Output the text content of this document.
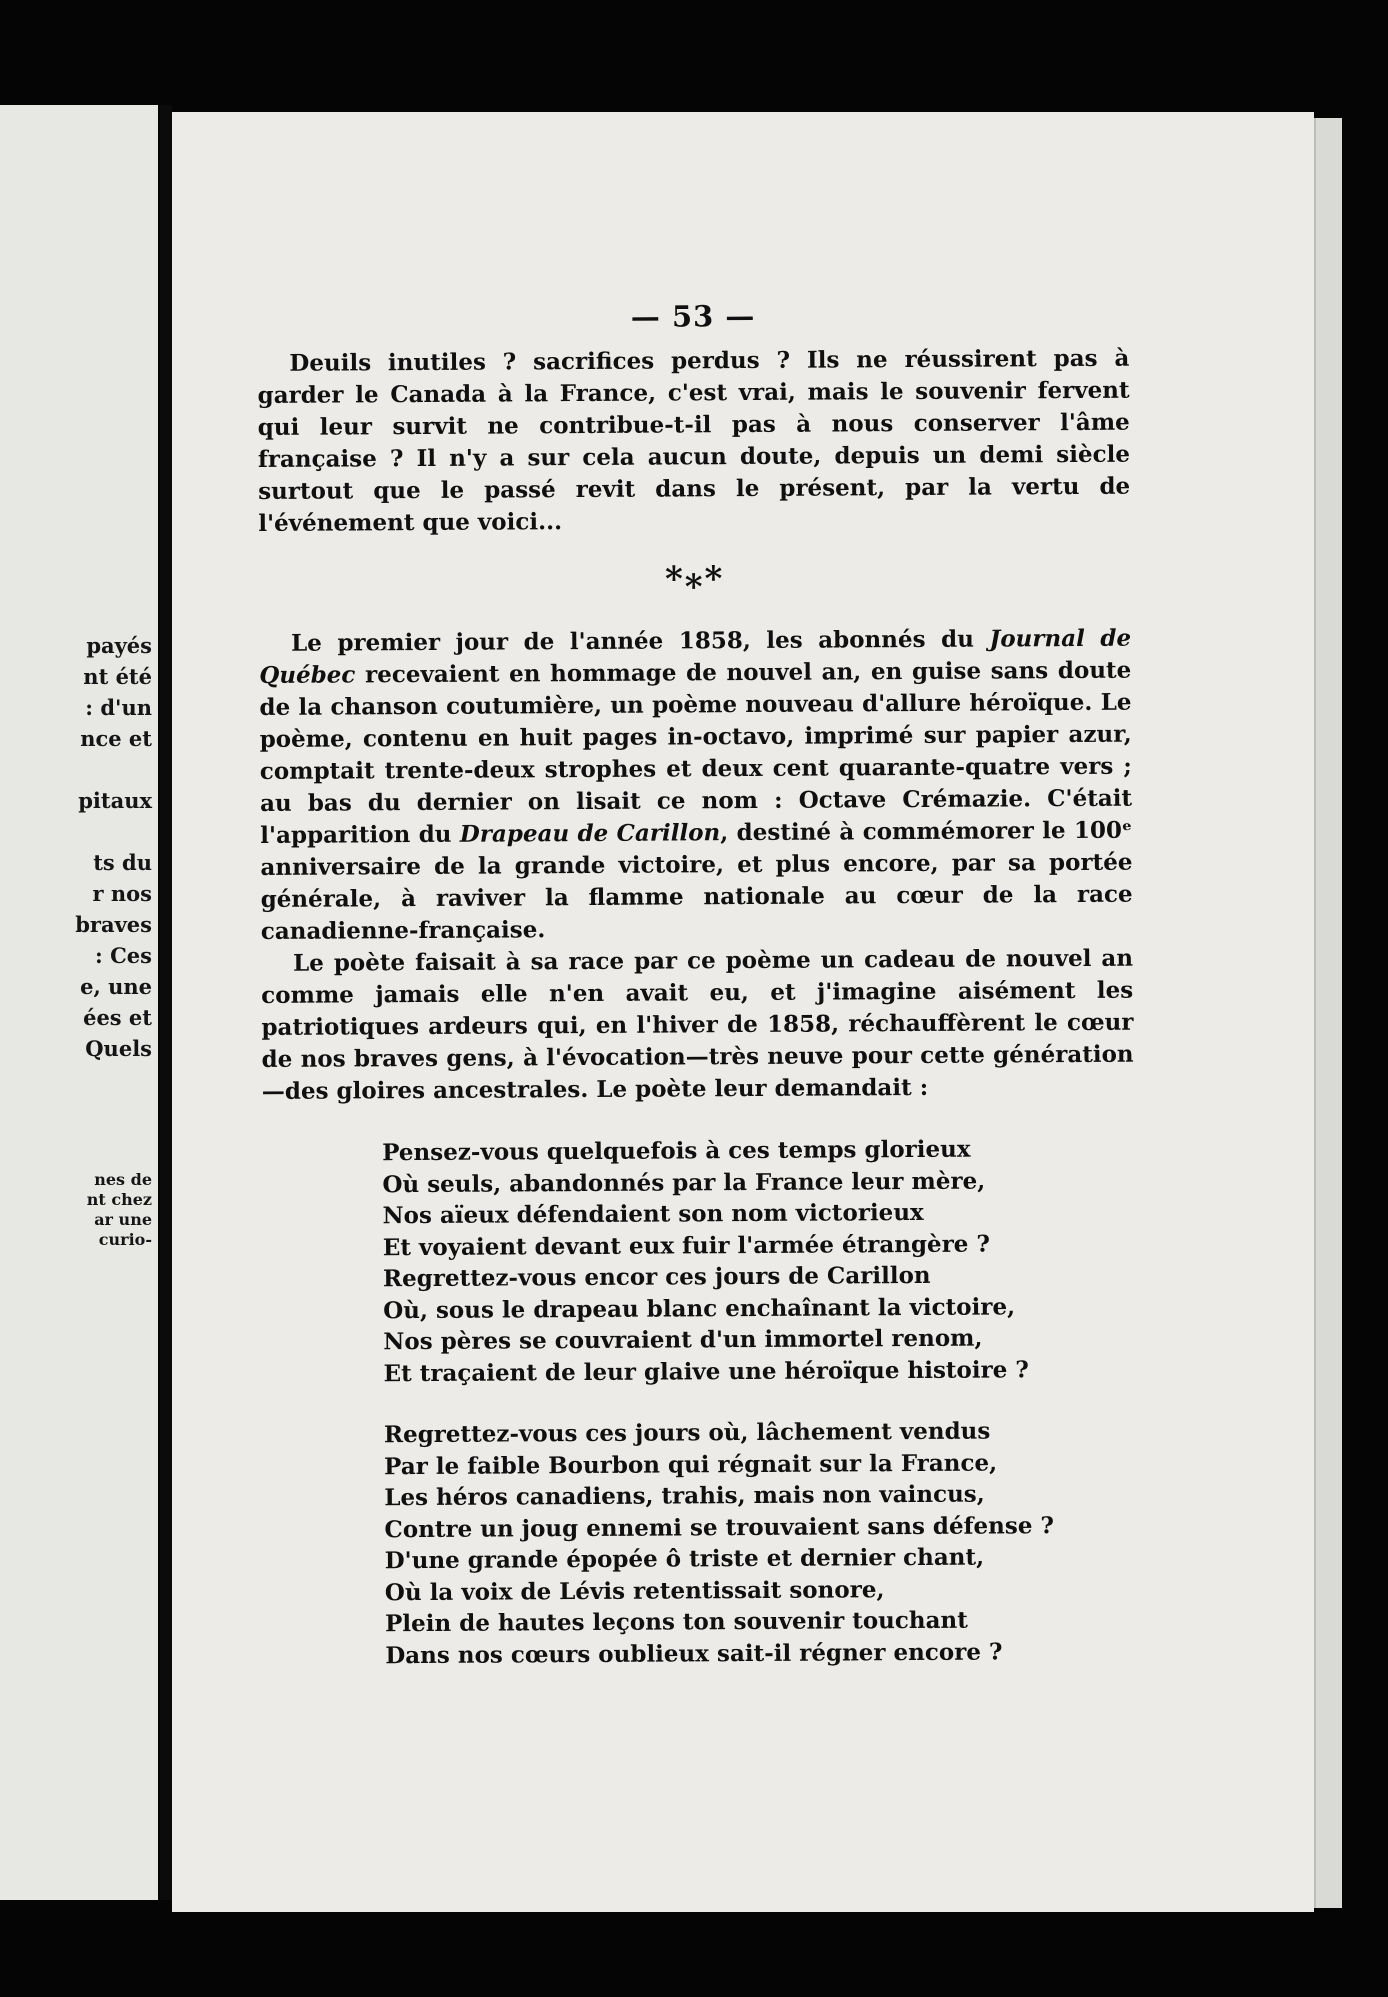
payés
nt été
: d'un
nce et

pitaux

ts du
r nos
braves
: Ces
e, une
ées et
Quels
nes de
nt chez
ar une
curio-
— 53 —

Deuils inutiles ? sacrifices perdus ? Ils ne réussirent pas à garder le Canada à la France, c'est vrai, mais le souvenir fervent qui leur survit ne contribue-t-il pas à nous conserver l'âme française ? Il n'y a sur cela aucun doute, depuis un demi siècle surtout que le passé revit dans le présent, par la vertu de l'événement que voici...

***

Le premier jour de l'année 1858, les abonnés du Journal de Québec recevaient en hommage de nouvel an, en guise sans doute de la chanson coutumière, un poème nouveau d'allure héroïque. Le poème, contenu en huit pages in-octavo, imprimé sur papier azur, comptait trente-deux strophes et deux cent quarante-quatre vers ; au bas du dernier on lisait ce nom : Octave Crémazie. C'était l'apparition du Drapeau de Carillon, destiné à commémorer le 100ᵉ anniversaire de la grande victoire, et plus encore, par sa portée générale, à raviver la flamme nationale au cœur de la race canadienne-française.

Le poète faisait à sa race par ce poème un cadeau de nouvel an comme jamais elle n'en avait eu, et j'imagine aisément les patriotiques ardeurs qui, en l'hiver de 1858, réchauffèrent le cœur de nos braves gens, à l'évocation—très neuve pour cette génération—des gloires ancestrales. Le poète leur demandait :

Pensez-vous quelquefois à ces temps glorieux
Où seuls, abandonnés par la France leur mère,
Nos aïeux défendaient son nom victorieux
Et voyaient devant eux fuir l'armée étrangère ?
Regrettez-vous encor ces jours de Carillon
Où, sous le drapeau blanc enchaînant la victoire,
Nos pères se couvraient d'un immortel renom,
Et traçaient de leur glaive une héroïque histoire ?
Regrettez-vous ces jours où, lâchement vendus
Par le faible Bourbon qui régnait sur la France,
Les héros canadiens, trahis, mais non vaincus,
Contre un joug ennemi se trouvaient sans défense ?
D'une grande épopée ô triste et dernier chant,
Où la voix de Lévis retentissait sonore,
Plein de hautes leçons ton souvenir touchant
Dans nos cœurs oublieux sait-il régner encore ?
